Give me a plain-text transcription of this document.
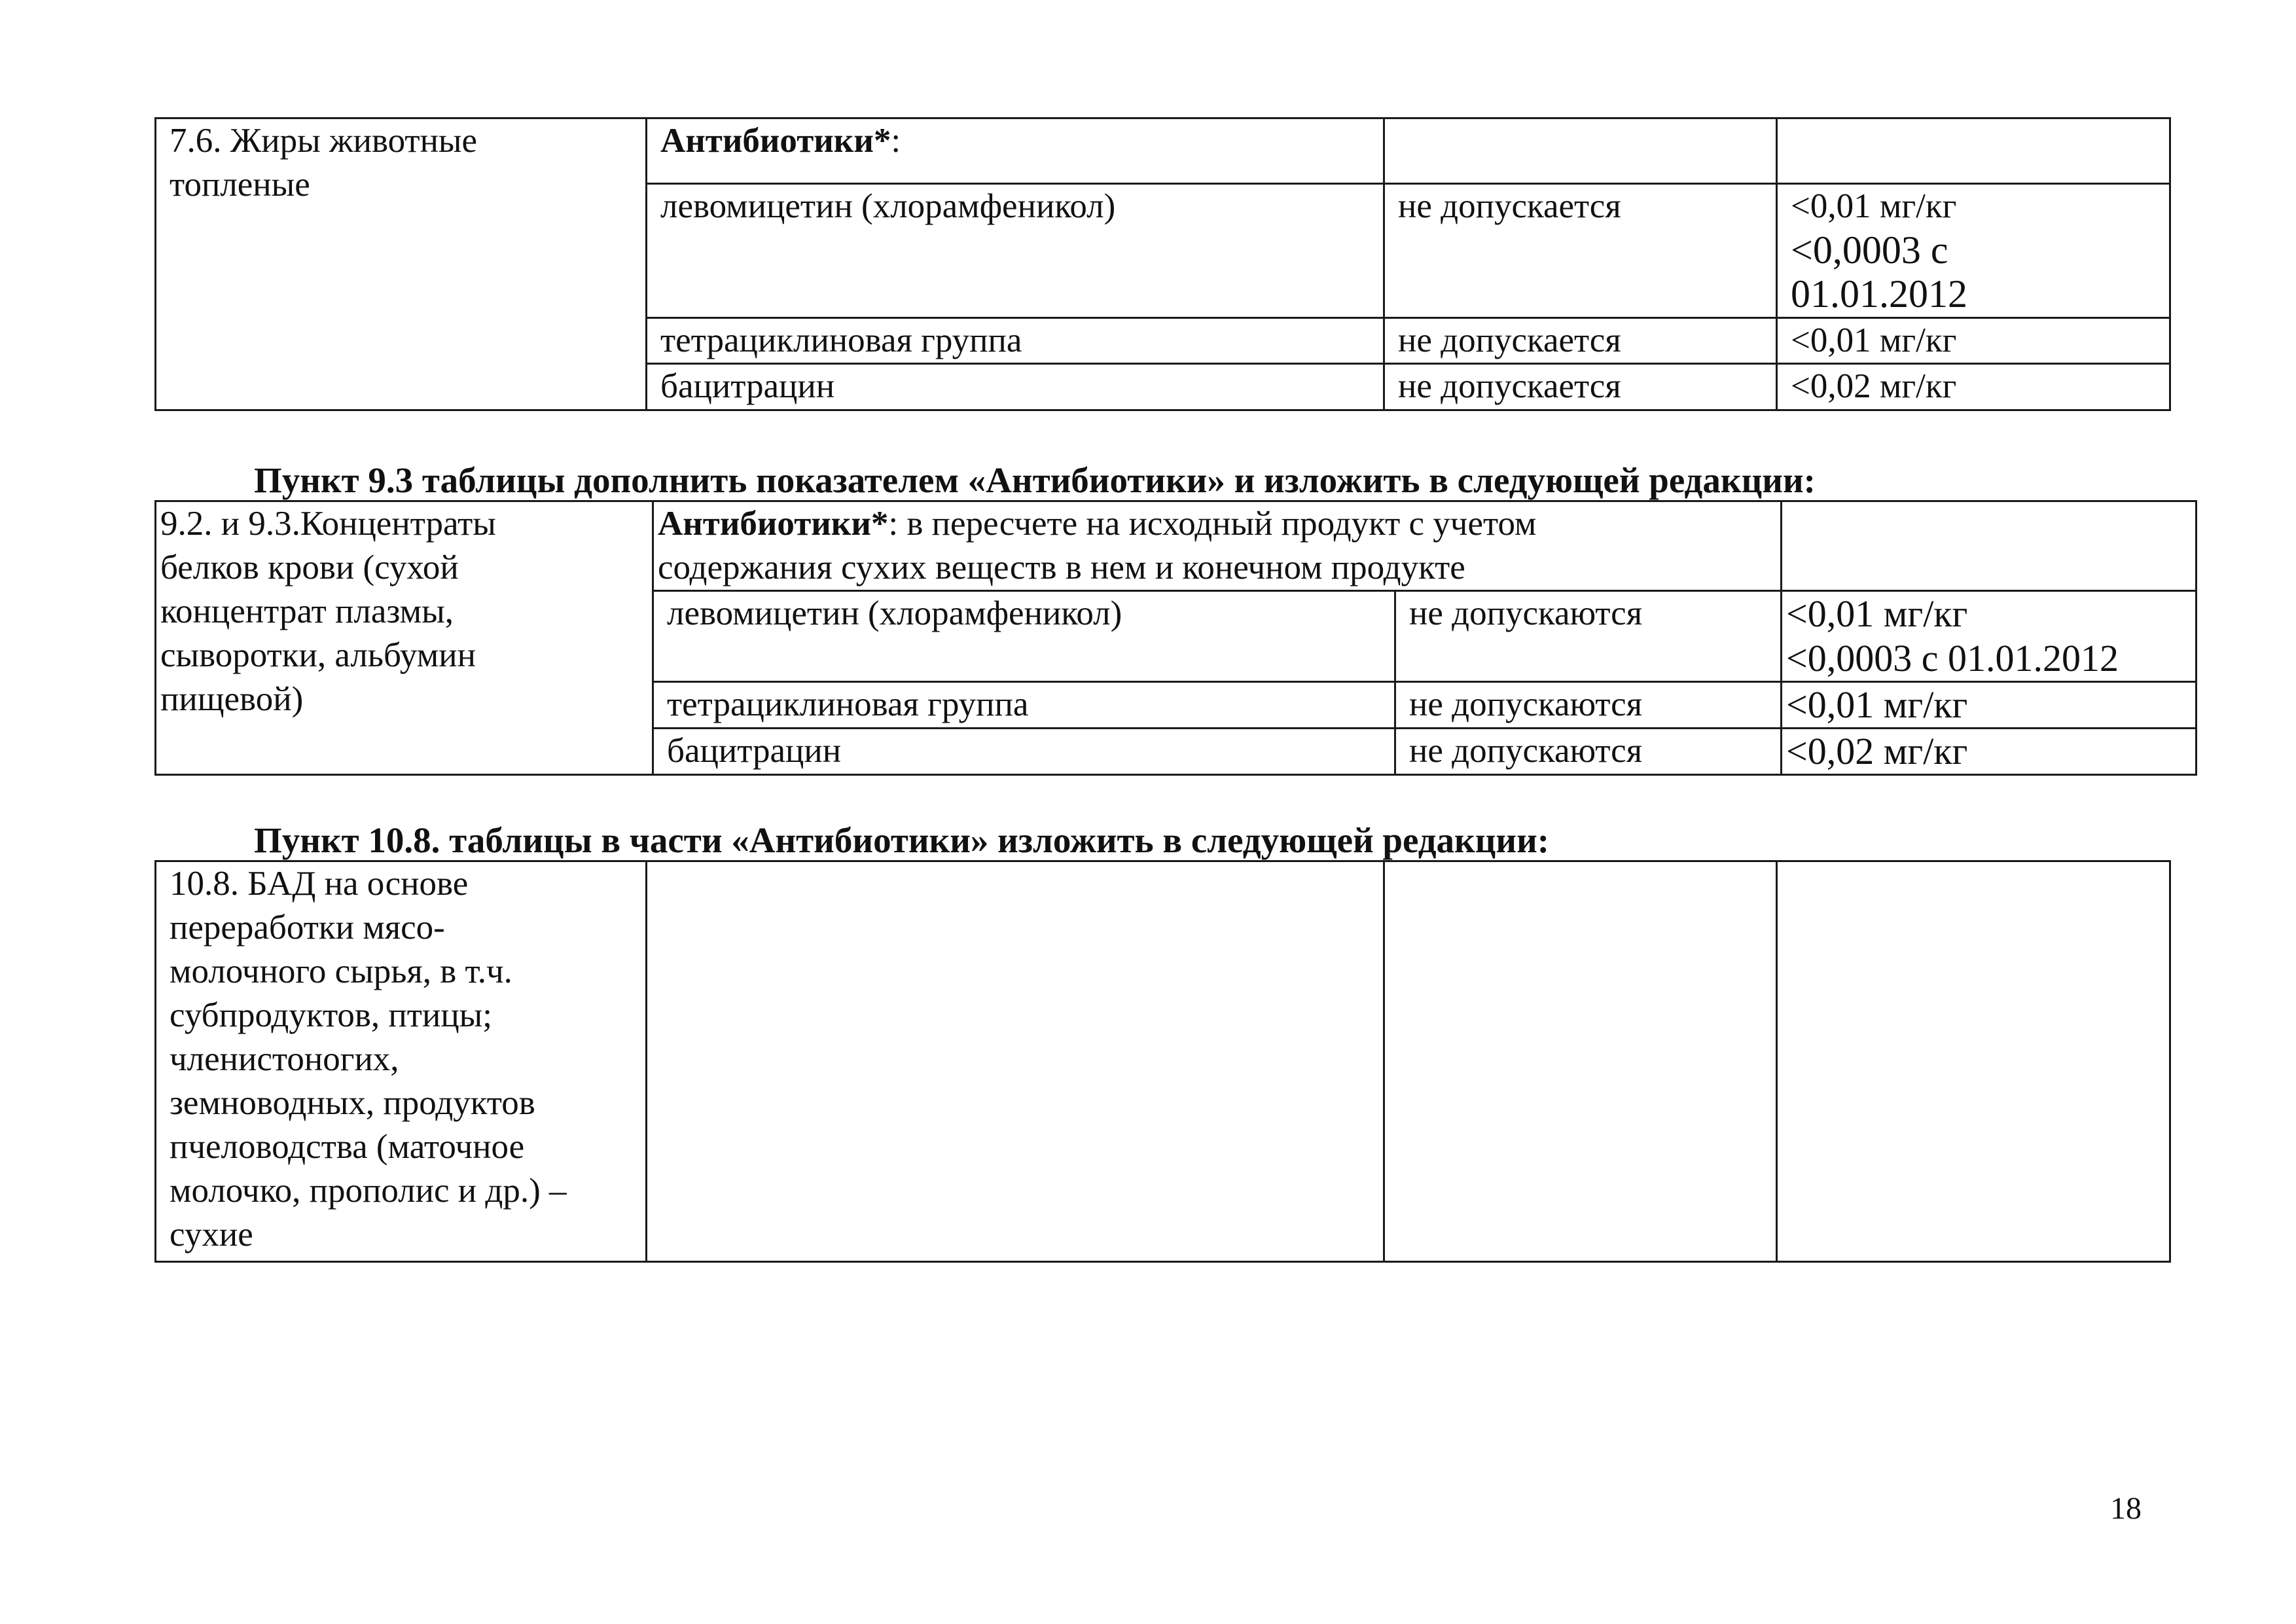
7.6. Жиры животные
топленые	Антибиотики*:		
	левомицетин (хлорамфеникол)	не допускается	<0,01 мг/кг
<0,0003 с
01.01.2012

	тетрациклиновая группа	не допускается	<0,01 мг/кг
	бацитрацин	не допускается	<0,02 мг/кг
Пункт 9.3 таблицы дополнить показателем «Антибиотики» и изложить в следующей редакции:
9.2. и 9.3.Концентраты
белков крови (сухой
концентрат плазмы,
сыворотки, альбумин
пищевой)	Антибиотики*: в пересчете на исходный продукт с учетом
содержания сухих веществ в нем и конечном продукте		
	левомицетин (хлорамфеникол)	не допускаются	<0,01 мг/кг
<0,0003 с 01.01.2012
	тетрациклиновая группа	не допускаются	<0,01 мг/кг
	бацитрацин	не допускаются	<0,02 мг/кг
Пункт 10.8. таблицы в части «Антибиотики» изложить в следующей редакции:
10.8. БАД на основе
переработки мясо-
молочного сырья, в т.ч.
субпродуктов, птицы;
членистоногих,
земноводных, продуктов
пчеловодства (маточное
молочко, прополис и др.) –
сухие			
18
